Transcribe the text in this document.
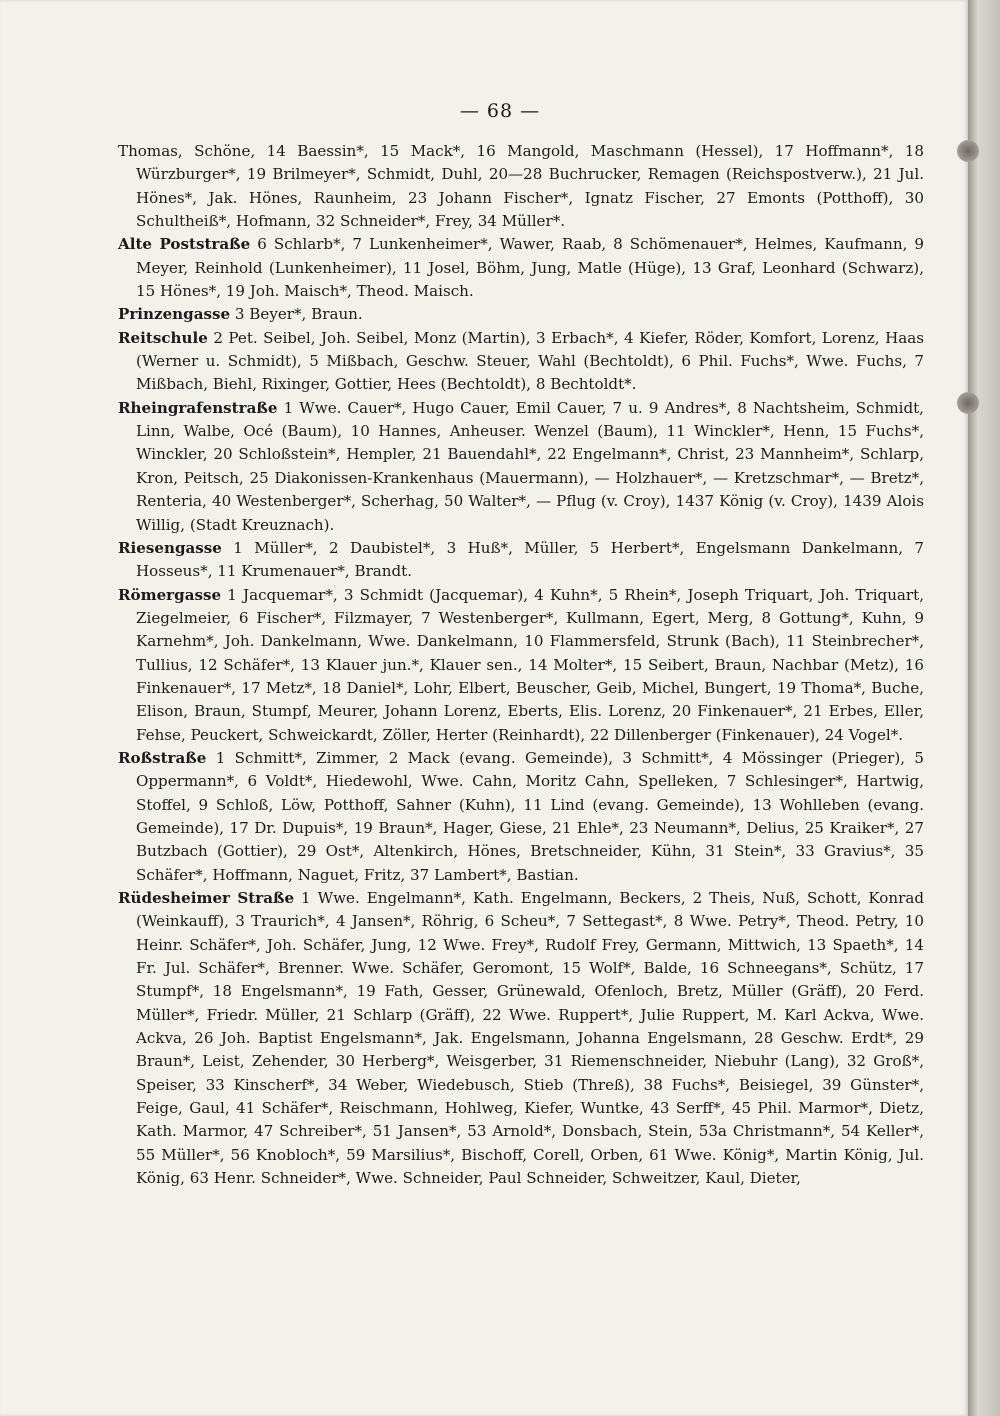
— 68 —

Thomas, Schöne, 14 Baessin*, 15 Mack*, 16 Mangold, Maschmann (Hessel), 17 Hoffmann*, 18 Würzburger*, 19 Brilmeyer*, Schmidt, Duhl, 20—28 Buchrucker, Remagen (Reichspostverw.), 21 Jul. Hönes*, Jak. Hönes, Raunheim, 23 Johann Fischer*, Ignatz Fischer, 27 Emonts (Potthoff), 30 Schultheiß*, Hofmann, 32 Schneider*, Frey, 34 Müller*.

Alte Poststraße 6 Schlarb*, 7 Lunkenheimer*, Wawer, Raab, 8 Schömenauer*, Helmes, Kaufmann, 9 Meyer, Reinhold (Lunkenheimer), 11 Josel, Böhm, Jung, Matle (Hüge), 13 Graf, Leonhard (Schwarz), 15 Hönes*, 19 Joh. Maisch*, Theod. Maisch.

Prinzengasse 3 Beyer*, Braun.

Reitschule 2 Pet. Seibel, Joh. Seibel, Monz (Martin), 3 Erbach*, 4 Kiefer, Röder, Komfort, Lorenz, Haas (Werner u. Schmidt), 5 Mißbach, Geschw. Steuer, Wahl (Bechtoldt), 6 Phil. Fuchs*, Wwe. Fuchs, 7 Mißbach, Biehl, Rixinger, Gottier, Hees (Bechtoldt), 8 Bechtoldt*.

Rheingrafenstraße 1 Wwe. Cauer*, Hugo Cauer, Emil Cauer, 7 u. 9 Andres*, 8 Nachtsheim, Schmidt, Linn, Walbe, Océ (Baum), 10 Hannes, Anheuser. Wenzel (Baum), 11 Winckler*, Henn, 15 Fuchs*, Winckler, 20 Schloßstein*, Hempler, 21 Bauendahl*, 22 Engelmann*, Christ, 23 Mannheim*, Schlarp, Kron, Peitsch, 25 Diakonissen-Krankenhaus (Mauermann), — Holzhauer*, — Kretzschmar*, — Bretz*, Renteria, 40 Westenberger*, Scherhag, 50 Walter*, — Pflug (v. Croy), 1437 König (v. Croy), 1439 Alois Willig, (Stadt Kreuznach).

Riesengasse 1 Müller*, 2 Daubistel*, 3 Huß*, Müller, 5 Herbert*, Engelsmann Dankelmann, 7 Hosseus*, 11 Krumenauer*, Brandt.

Römergasse 1 Jacquemar*, 3 Schmidt (Jacquemar), 4 Kuhn*, 5 Rhein*, Joseph Triquart, Joh. Triquart, Ziegelmeier, 6 Fischer*, Filzmayer, 7 Westenberger*, Kullmann, Egert, Merg, 8 Gottung*, Kuhn, 9 Karnehm*, Joh. Dankelmann, Wwe. Dankelmann, 10 Flammersfeld, Strunk (Bach), 11 Steinbrecher*, Tullius, 12 Schäfer*, 13 Klauer jun.*, Klauer sen., 14 Molter*, 15 Seibert, Braun, Nachbar (Metz), 16 Finkenauer*, 17 Metz*, 18 Daniel*, Lohr, Elbert, Beuscher, Geib, Michel, Bungert, 19 Thoma*, Buche, Elison, Braun, Stumpf, Meurer, Johann Lorenz, Eberts, Elis. Lorenz, 20 Finkenauer*, 21 Erbes, Eller, Fehse, Peuckert, Schweickardt, Zöller, Herter (Reinhardt), 22 Dillenberger (Finkenauer), 24 Vogel*.

Roßstraße 1 Schmitt*, Zimmer, 2 Mack (evang. Gemeinde), 3 Schmitt*, 4 Mössinger (Prieger), 5 Oppermann*, 6 Voldt*, Hiedewohl, Wwe. Cahn, Moritz Cahn, Spelleken, 7 Schlesinger*, Hartwig, Stoffel, 9 Schloß, Löw, Potthoff, Sahner (Kuhn), 11 Lind (evang. Gemeinde), 13 Wohlleben (evang. Gemeinde), 17 Dr. Dupuis*, 19 Braun*, Hager, Giese, 21 Ehle*, 23 Neumann*, Delius, 25 Kraiker*, 27 Butzbach (Gottier), 29 Ost*, Altenkirch, Hönes, Bretschneider, Kühn, 31 Stein*, 33 Gravius*, 35 Schäfer*, Hoffmann, Naguet, Fritz, 37 Lambert*, Bastian.

Rüdesheimer Straße 1 Wwe. Engelmann*, Kath. Engelmann, Beckers, 2 Theis, Nuß, Schott, Konrad (Weinkauff), 3 Traurich*, 4 Jansen*, Röhrig, 6 Scheu*, 7 Settegast*, 8 Wwe. Petry*, Theod. Petry, 10 Heinr. Schäfer*, Joh. Schäfer, Jung, 12 Wwe. Frey*, Rudolf Frey, Germann, Mittwich, 13 Spaeth*, 14 Fr. Jul. Schäfer*, Brenner. Wwe. Schäfer, Geromont, 15 Wolf*, Balde, 16 Schneegans*, Schütz, 17 Stumpf*, 18 Engelsmann*, 19 Fath, Gesser, Grünewald, Ofenloch, Bretz, Müller (Gräff), 20 Ferd. Müller*, Friedr. Müller, 21 Schlarp (Gräff), 22 Wwe. Ruppert*, Julie Ruppert, M. Karl Ackva, Wwe. Ackva, 26 Joh. Baptist Engelsmann*, Jak. Engelsmann, Johanna Engelsmann, 28 Geschw. Erdt*, 29 Braun*, Leist, Zehender, 30 Herberg*, Weisgerber, 31 Riemenschneider, Niebuhr (Lang), 32 Groß*, Speiser, 33 Kinscherf*, 34 Weber, Wiedebusch, Stieb (Threß), 38 Fuchs*, Beisiegel, 39 Günster*, Feige, Gaul, 41 Schäfer*, Reischmann, Hohlweg, Kiefer, Wuntke, 43 Serff*, 45 Phil. Marmor*, Dietz, Kath. Marmor, 47 Schreiber*, 51 Jansen*, 53 Arnold*, Donsbach, Stein, 53a Christmann*, 54 Keller*, 55 Müller*, 56 Knobloch*, 59 Marsilius*, Bischoff, Corell, Orben, 61 Wwe. König*, Martin König, Jul. König, 63 Henr. Schneider*, Wwe. Schneider, Paul Schneider, Schweitzer, Kaul, Dieter,
